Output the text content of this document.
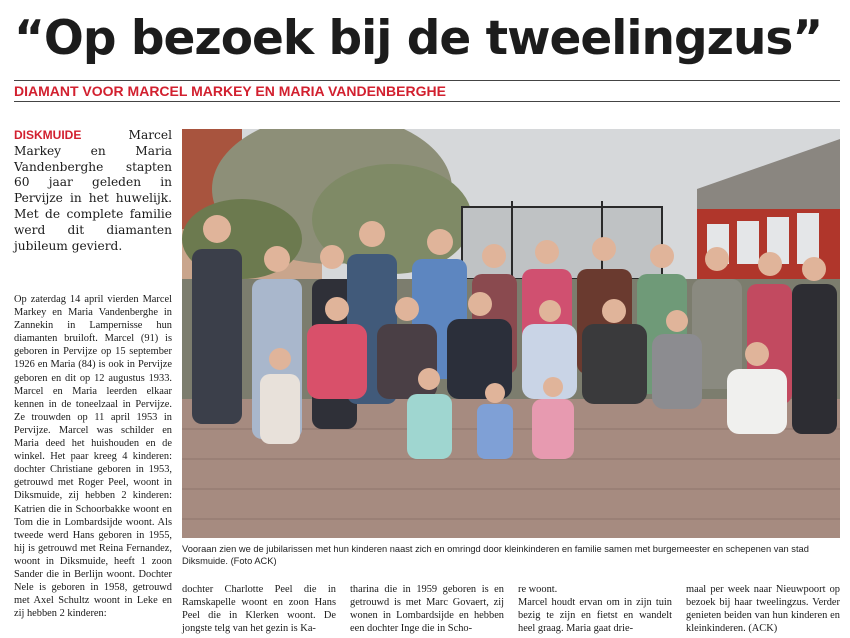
“Op bezoek bij de tweelingzus”
DIAMANT VOOR MARCEL MARKEY EN MARIA VANDENBERGHE

DISKMUIDE Marcel Markey en Maria Vandenberghe stapten 60 jaar geleden in Pervijze in het huwelijk. Met de complete familie werd dit diamanten jubileum gevierd.

Op zaterdag 14 april vierden Marcel Markey en Maria Vandenberghe in Zannekin in Lampernisse hun diamanten bruiloft. Marcel (91) is geboren in Pervijze op 15 september 1926 en Maria (84) is ook in Pervijze geboren en dit op 12 augustus 1933. Marcel en Maria leerden elkaar kennen in de toneelzaal in Pervijze. Ze trouwden op 11 april 1953 in Pervijze. Marcel was schilder en Maria deed het huishouden en de winkel. Het paar kreeg 4 kinderen: dochter Christiane geboren in 1953, getrouwd met Roger Peel, woont in Diksmuide, zij hebben 2 kinderen: Katrien die in Schoorbakke woont en Tom die in Lombardsijde woont. Als tweede werd Hans geboren in 1955, hij is getrouwd met Reina Fernandez, woont in Diksmuide, heeft 1 zoon Sander die in Berlijn woont. Dochter Nele is geboren in 1958, getrouwd met Axel Schultz woont in Leke en zij hebben 2 kinderen:

Vooraan zien we de jubilarissen met hun kinderen naast zich en omringd door kleinkinderen en familie samen met burgemeester en schepenen van stad Diksmuide. (Foto ACK)

dochter Charlotte Peel die in Ramskapelle woont en zoon Hans Peel die in Klerken woont. De jongste telg van het gezin is Ka-

tharina die in 1959 geboren is en getrouwd is met Marc Govaert, zij wonen in Lombardsijde en hebben een dochter Inge die in Scho-

re woont.
Marcel houdt ervan om in zijn tuin bezig te zijn en fietst en wandelt heel graag. Maria gaat drie-

maal per week naar Nieuwpoort op bezoek bij haar tweelingzus. Verder genieten beiden van hun kinderen en kleinkinderen. (ACK)
